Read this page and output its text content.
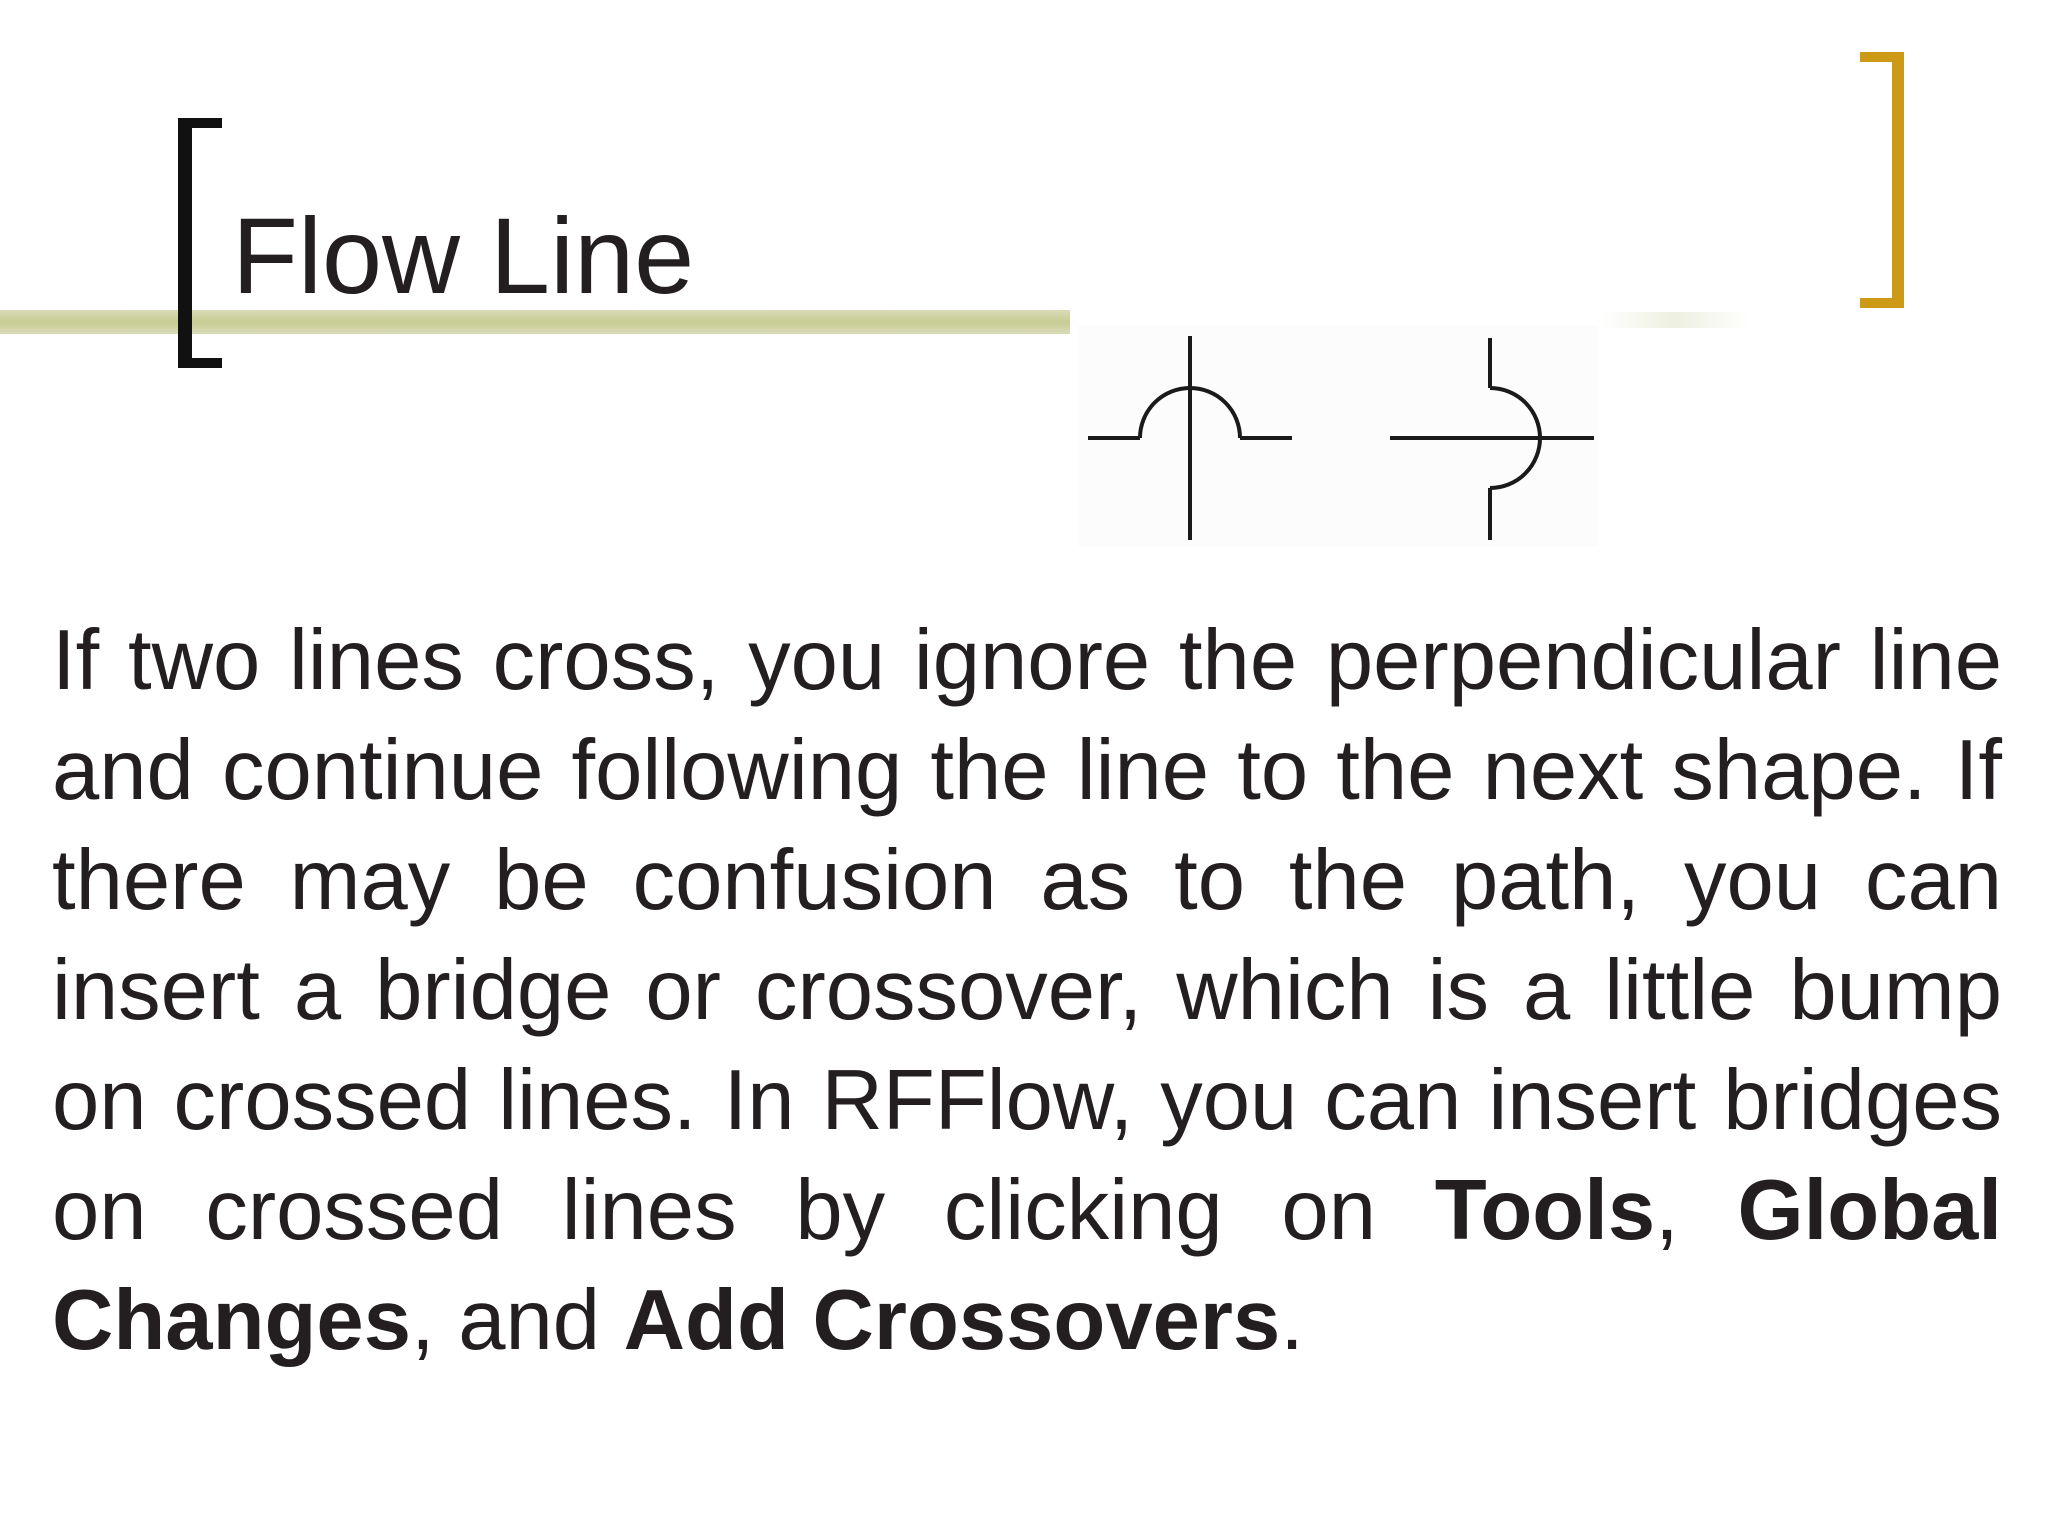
Flow Line
If two lines cross, you ignore the perpendicular line and continue following the line to the next shape. If there may be confusion as to the path, you can insert a bridge or crossover, which is a little bump on crossed lines. In RFFlow, you can insert bridges on crossed lines by clicking on Tools, Global Changes, and Add Crossovers.
